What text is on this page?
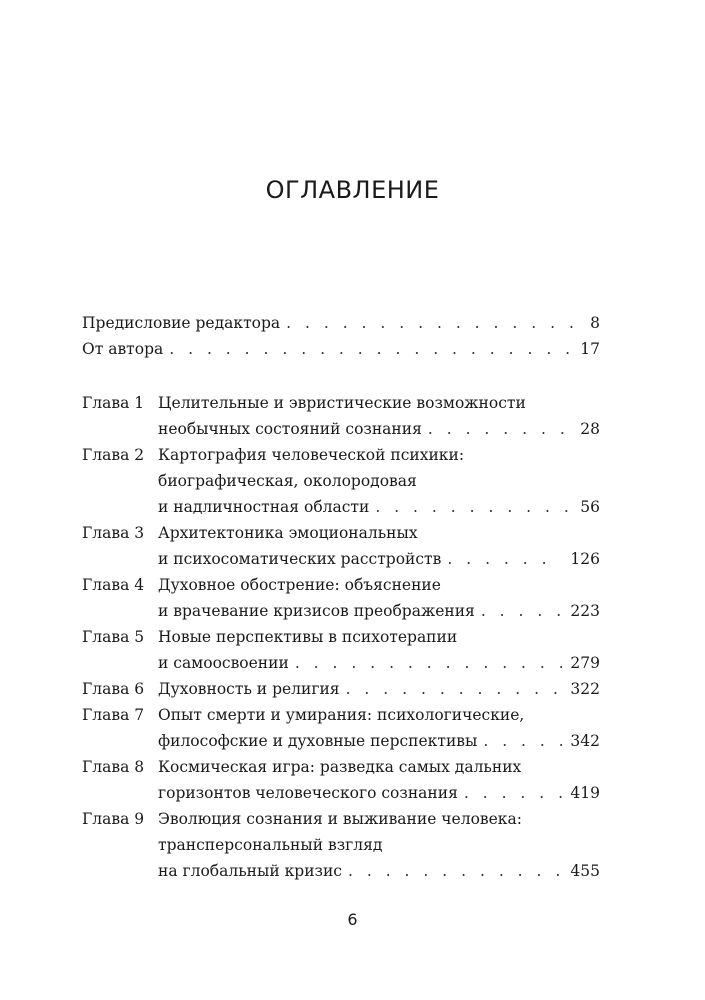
ОГЛАВЛЕНИЕ
Предисловие редактора . . .	8
От автора . . .	17
Глава 1 Целительные и эвристические возможности
необычных состояний сознания . . .	28
Глава 2 Картография человеческой психики:
биографическая, околородовая
и надличностная области . . .	56
Глава 3 Архитектоника эмоциональных
и психосоматических расстройств . . .	126
Глава 4 Духовное обострение: объяснение
и врачевание кризисов преображения . . .	223
Глава 5 Новые перспективы в психотерапии
и самоосвоении . . .	279
Глава 6 Духовность и религия . . .	322
Глава 7 Опыт смерти и умирания: психологические,
философские и духовные перспективы . . .	342
Глава 8 Космическая игра: разведка самых дальних
горизонтов человеческого сознания . . .	419
Глава 9 Эволюция сознания и выживание человека:
трансперсональный взгляд
на глобальный кризис . . .	455
6
